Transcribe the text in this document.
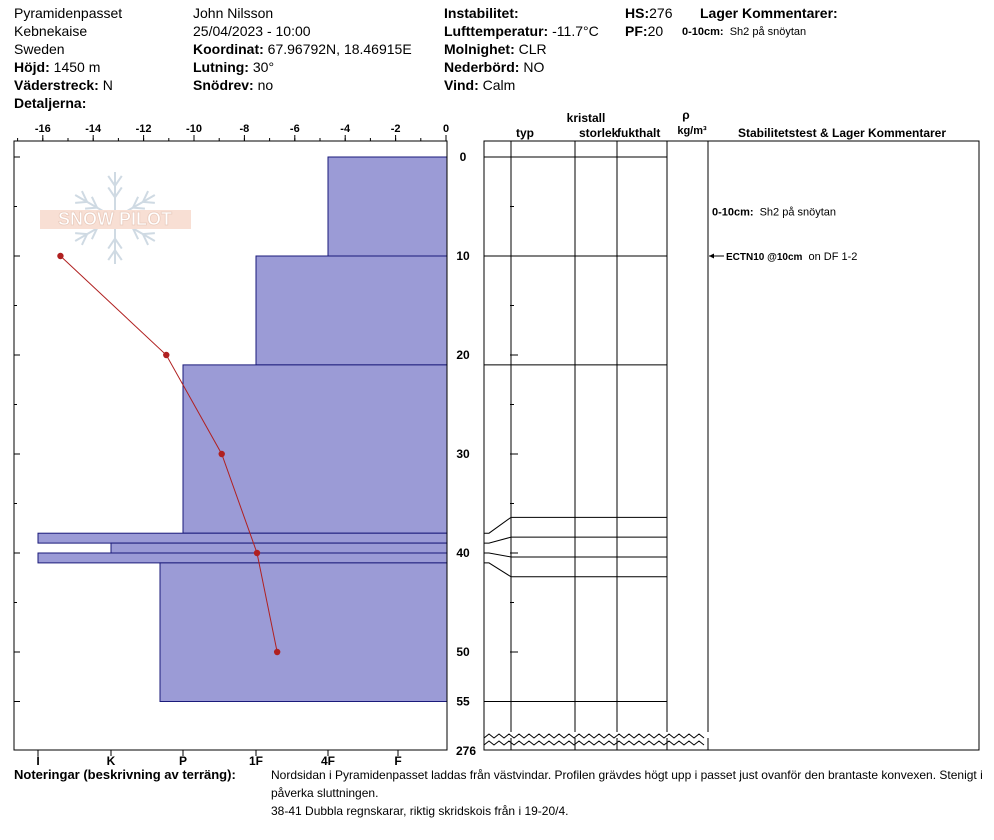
Pyramidenpasset
Kebnekaise
Sweden
Höjd: 1450 m
Väderstreck: N
Detaljerna:
John Nilsson
25/04/2023 - 10:00
Koordinat: 67.96792N, 18.46915E
Lutning: 30°
Snödrev: no
Instabilitet:
Lufttemperatur: -11.7°C
Molnighet: CLR
Nederbörd: NO
Vind: Calm
HS:276
PF:20
Lager Kommentarer:
0-10cm: Sh2 på snöytan
SNOW PILOT
-16	-14	-12	-10	-8	-6	-4	-2	0
I	K	P	1F	4F	F
0
10
20
30
40
50
55
276
0-10cm: Sh2 på snöytan
ECTN10 @10cm on DF 1-2
kristall
typ	storlek
fukthalt
ρ
kg/m³	Stabilitetstest & Lager Kommentarer
Noteringar (beskrivning av terräng):	Nordsidan i Pyramidenpasset laddas från västvindar. Profilen grävdes högt upp i passet just ovanför den brantaste konvexen. Stenigt i påverka sluttningen.
38-41 Dubbla regnskarar, riktig skridskois från i 19-20/4.
